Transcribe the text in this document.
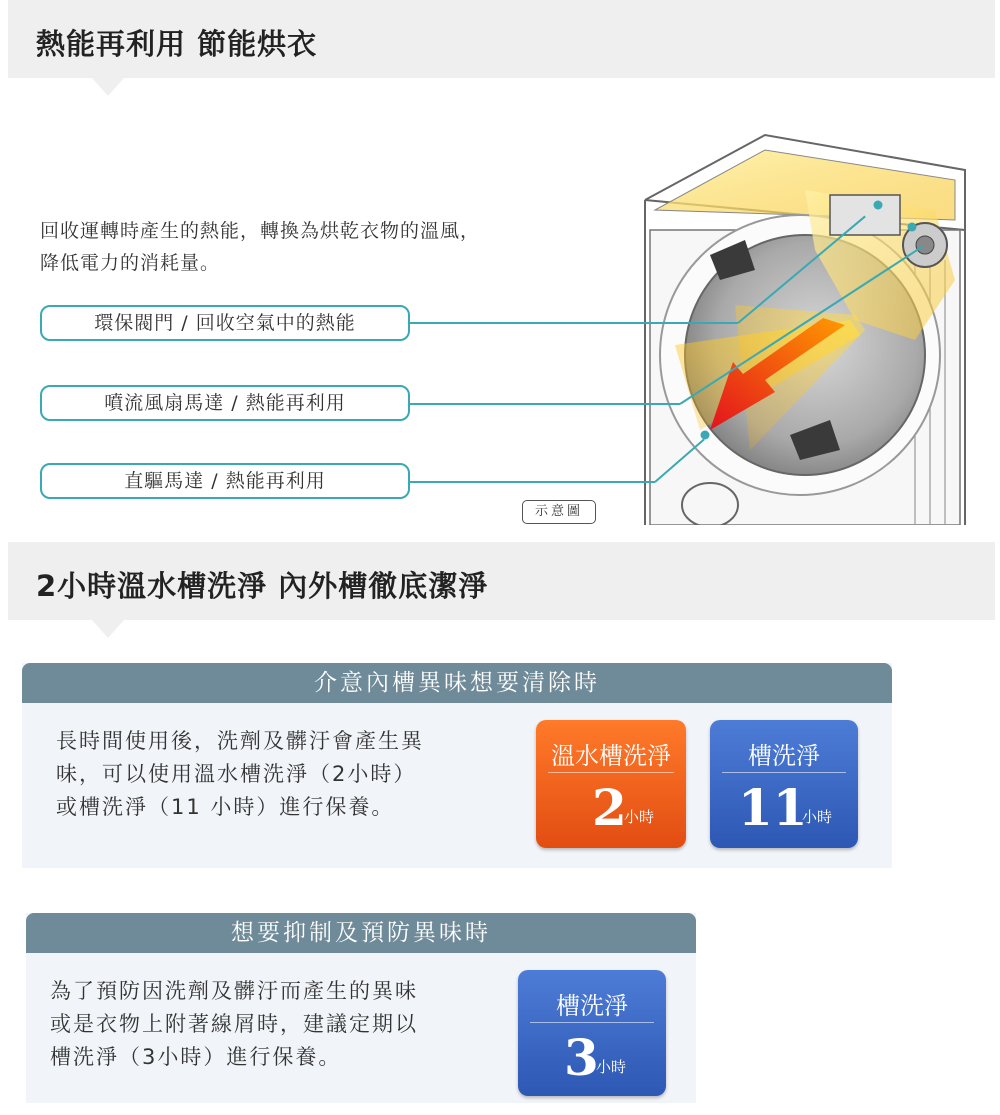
熱能再利用 節能烘衣
回收運轉時產生的熱能，轉換為烘乾衣物的溫風，
降低電力的消耗量。
環保閥門 / 回收空氣中的熱能
噴流風扇馬達 / 熱能再利用
直驅馬達 / 熱能再利用
示意圖
2小時溫水槽洗淨 內外槽徹底潔淨
介意內槽異味想要清除時
長時間使用後，洗劑及髒汙會產生異
味，可以使用溫水槽洗淨（2小時）
或槽洗淨（11 小時）進行保養。
溫水槽洗淨
2
小時
槽洗淨
11
小時
想要抑制及預防異味時
為了預防因洗劑及髒汙而產生的異味
或是衣物上附著線屑時，建議定期以
槽洗淨（3小時）進行保養。
槽洗淨
3
小時
